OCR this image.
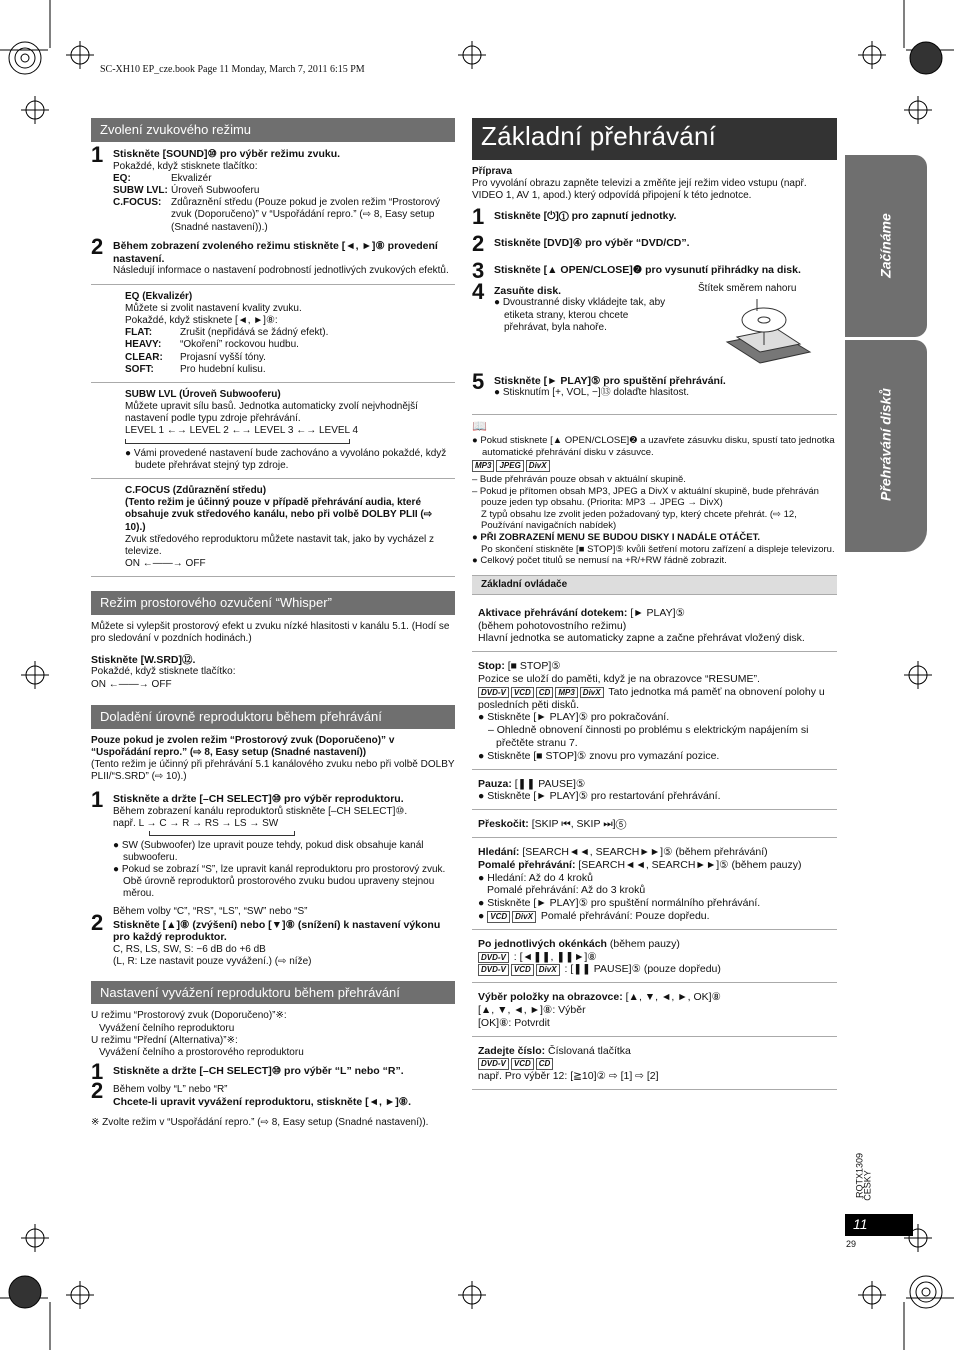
SC-XH10 EP_cze.book Page 11 Monday, March 7, 2011 6:15 PM
Zvolení zvukového režimu
1 Stiskněte [SOUND]⑩ pro výběr režimu zvuku.
Pokaždé, když stisknete tlačítko:
EQ:	Ekvalizér
SUBW LVL: Úroveň Subwooferu
C.FOCUS: Zdůraznění středu (Pouze pokud je zvolen režim “Prostorový zvuk (Doporučeno)” v “Uspořádání repro.” (⇨ 8, Easy setup (Snadné nastavení)).)
2 Během zobrazení zvoleného režimu stiskněte [◄, ►]⑧ provedení nastavení.
Následují informace o nastavení podrobností jednotlivých zvukových efektů.
EQ (Ekvalizér)
Můžete si zvolit nastavení kvality zvuku.
Pokaždé, když stisknete [◄, ►]⑧:
FLAT:	Zrušit (nepřidává se žádný efekt).
HEAVY:	“Okoření” rockovou hudbu.
CLEAR:	Projasní vyšší tóny.
SOFT:	Pro hudební kulisu.
SUBW LVL (Úroveň Subwooferu)
Můžete upravit sílu basů. Jednotka automaticky zvolí nejvhodnější nastavení podle typu zdroje přehrávání.
LEVEL 1 ←→ LEVEL 2 ←→ LEVEL 3 ←→ LEVEL 4
● Vámi provedené nastavení bude zachováno a vyvoláno pokaždé, když budete přehrávat stejný typ zdroje.
C.FOCUS (Zdůraznění středu)
(Tento režim je účinný pouze v případě přehrávání audia, které obsahuje zvuk středového kanálu, nebo při volbě DOLBY PLII (⇨ 10).)
Zvuk středového reproduktoru můžete nastavit tak, jako by vycházel z televize.
ON ←——→ OFF
Režim prostorového ozvučení “Whisper”
Můžete si vylepšit prostorový efekt u zvuku nízké hlasitosti v kanálu 5.1. (Hodí se pro sledování v pozdních hodinách.)
Stiskněte [W.SRD]⑫.
Pokaždé, když stisknete tlačítko:
ON ←——→ OFF
Doladění úrovně reproduktoru během přehrávání
Pouze pokud je zvolen režim “Prostorový zvuk (Doporučeno)” v “Uspořádání repro.” (⇨ 8, Easy setup (Snadné nastavení))
(Tento režim je účinný při přehrávání 5.1 kanálového zvuku nebo při volbě DOLBY PLII/“S.SRD” (⇨ 10).)
1 Stiskněte a držte [–CH SELECT]⑩ pro výběr reproduktoru.
Během zobrazení kanálu reproduktorů stiskněte [–CH SELECT]⑩.
např. L → C → R → RS → LS → SW
● SW (Subwoofer) lze upravit pouze tehdy, pokud disk obsahuje kanál subwooferu.
● Pokud se zobrazí “S”, lze upravit kanál reproduktoru pro prostorový zvuk. Obě úrovně reproduktorů prostorového zvuku budou upraveny stejnou měrou.
2 Během volby “C”, “RS”, “LS”, “SW” nebo “S”
Stiskněte [▲]⑧ (zvýšení) nebo [▼]⑧ (snížení) k nastavení výkonu pro každý reproduktor.
C, RS, LS, SW, S: −6 dB do +6 dB
(L, R: Lze nastavit pouze vyvážení.) (⇨ níže)
Nastavení vyvážení reproduktoru během přehrávání
U režimu “Prostorový zvuk (Doporučeno)”※:
Vyvážení čelního reproduktoru
U režimu “Přední (Alternativa)”※:
Vyvážení čelního a prostorového reproduktoru
1 Stiskněte a držte [–CH SELECT]⑩ pro výběr “L” nebo “R”.
2 Během volby “L” nebo “R”
Chcete-li upravit vyvážení reproduktoru, stiskněte [◄, ►]⑧.
※ Zvolte režim v “Uspořádání repro.” (⇨ 8, Easy setup (Snadné nastavení)).
Základní přehrávání
Příprava
Pro vyvolání obrazu zapněte televizi a změňte její režim video vstupu (např. VIDEO 1, AV 1, apod.) který odpovídá připojení k této jednotce.
1 Stiskněte [⏻]① pro zapnutí jednotky.
2 Stiskněte [DVD]④ pro výběr “DVD/CD”.
3 Stiskněte [▲ OPEN/CLOSE]❷ pro vysunutí přihrádky na disk.
4 Zasuňte disk.
● Dvoustranné disky vkládejte tak, aby etiketa strany, kterou chcete přehrávat, byla nahoře.
Štítek směrem nahoru
5 Stiskněte [► PLAY]⑤ pro spuštění přehrávání.
● Stisknutím [+, VOL, −]⑬ dolaďte hlasitost.
📖
● Pokud stisknete [▲ OPEN/CLOSE]❷ a uzavřete zásuvku disku, spustí tato jednotka automatické přehrávání disku v zásuvce.
MP3 JPEG DivX
– Bude přehráván pouze obsah v aktuální skupině.
– Pokud je přítomen obsah MP3, JPEG a DivX v aktuální skupině, bude přehráván pouze jeden typ obsahu. (Priorita: MP3 → JPEG → DivX)
Z typů obsahu lze zvolit jeden požadovaný typ, který chcete přehrát. (⇨ 12, Používání navigačních nabídek)
● PŘI ZOBRAZENÍ MENU SE BUDOU DISKY I NADÁLE OTÁČET.
Po skončení stiskněte [■ STOP]⑤ kvůli šetření motoru zařízení a displeje televizoru.
● Celkový počet titulů se nemusí na +R/+RW řádně zobrazit.
Základní ovládače
Aktivace přehrávání dotekem: [► PLAY]⑤
(během pohotovostního režimu)
Hlavní jednotka se automaticky zapne a začne přehrávat vložený disk.
Stop: [■ STOP]⑤
Pozice se uloží do paměti, když je na obrazovce “RESUME”.
DVD-V VCD CD MP3 DivX Tato jednotka má paměť na obnovení polohy u posledních pěti disků.
● Stiskněte [► PLAY]⑤ pro pokračování.
– Ohledně obnovení činnosti po problému s elektrickým napájením si přečtěte stranu 7.
● Stiskněte [■ STOP]⑤ znovu pro vymazání pozice.
Pauza: [❚❚ PAUSE]⑤
● Stiskněte [► PLAY]⑤ pro restartování přehrávání.
Přeskočit: [SKIP ⏮, SKIP ⏭]⑤
Hledání: [SEARCH◄◄, SEARCH►►]⑤ (během přehrávání)
Pomalé přehrávání: [SEARCH◄◄, SEARCH►►]⑤ (během pauzy)
● Hledání: Až do 4 kroků
Pomalé přehrávání: Až do 3 kroků
● Stiskněte [► PLAY]⑤ pro spuštění normálního přehrávání.
● VCD DivX Pomalé přehrávání: Pouze dopředu.
Po jednotlivých okénkách (během pauzy)
DVD-V : [◄❚❚, ❚❚►]⑧
DVD-V VCD DivX : [❚❚ PAUSE]⑤ (pouze dopředu)
Výběr položky na obrazovce: [▲, ▼, ◄, ►, OK]⑧
[▲, ▼, ◄, ►]⑧: Výběr
[OK]⑧: Potvrdit
Zadejte číslo: Číslovaná tlačítka
DVD-V VCD CD
např. Pro výběr 12: [≧10]② ⇨ [1] ⇨ [2]
Začínáme
Přehrávání disků
RQTX1309
ČESKY
11
29
